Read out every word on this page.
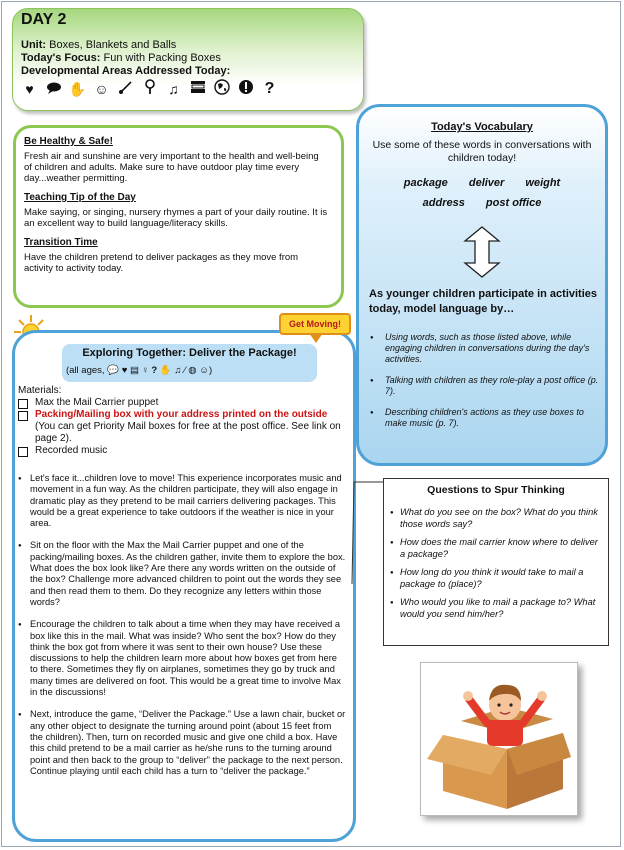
DAY 2
Unit: Boxes, Blankets and Balls
Today's Focus: Fun with Packing Boxes
Developmental Areas Addressed Today:
♥	✋ ☺	♫	?
Be Healthy & Safe!

Fresh air and sunshine are very important to the health and well-being of children and adults. Make sure to have outdoor play time every day...weather permitting.

Teaching Tip of the Day

Make saying, or singing, nursery rhymes a part of your daily routine. It is an excellent way to build language/literacy skills.

Transition Time

Have the children pretend to deliver packages as they move from activity to activity today.

Today's Vocabulary
Use some of these words in conversations with children today!
package deliver weight
address post office
As younger children participate in activities today, model language by…
● Using words, such as those listed above, while engaging children in conversations during the day's activities.
● Talking with children as they role-play a post office (p. 7).
● Describing children's actions as they use boxes to make music (p. 7).
Exploring Together: Deliver the Package!
(all ages, 💬 ♥ ▤ ♀ ? ✋ ♫ ⁄ ◍ ☺)
Get Moving!
Materials:
Max the Mail Carrier puppet
Packing/Mailing box with your address printed on the outside (You can get Priority Mail boxes for free at the post office. See link on page 2).
Recorded music
● Let's face it...children love to move! This experience incorporates music and movement in a fun way. As the children participate, they will also engage in dramatic play as they pretend to be mail carriers delivering packages. This would be a great experience to take outdoors if the weather is nice in your area.
● Sit on the floor with the Max the Mail Carrier puppet and one of the packing/mailing boxes. As the children gather, invite them to explore the box. What does the box look like? Are there any words written on the outside of the box? Challenge more advanced children to point out the words they see and then read them to them. Do they recognize any letters within those words?
● Encourage the children to talk about a time when they may have received a box like this in the mail. What was inside? Who sent the box? How do they think the box got from where it was sent to their own house? Use these discussions to help the children learn more about how boxes get from here to there. Sometimes they fly on airplanes, sometimes they go by truck and many times are delivered on foot. This would be a great time to involve Max in the discussions!
● Next, introduce the game, “Deliver the Package.” Use a lawn chair, bucket or any other object to designate the turning around point (about 15 feet from the children). Then, turn on recorded music and give one child a box. Have this child pretend to be a mail carrier as he/she runs to the turning around point and then back to the group to “deliver” the package to the next person. Continue playing until each child has a turn to “deliver the package.”
Questions to Spur Thinking
● What do you see on the box? What do you think those words say?
● How does the mail carrier know where to deliver a package?
● How long do you think it would take to mail a package to (place)?
● Who would you like to mail a package to? What would you send him/her?
